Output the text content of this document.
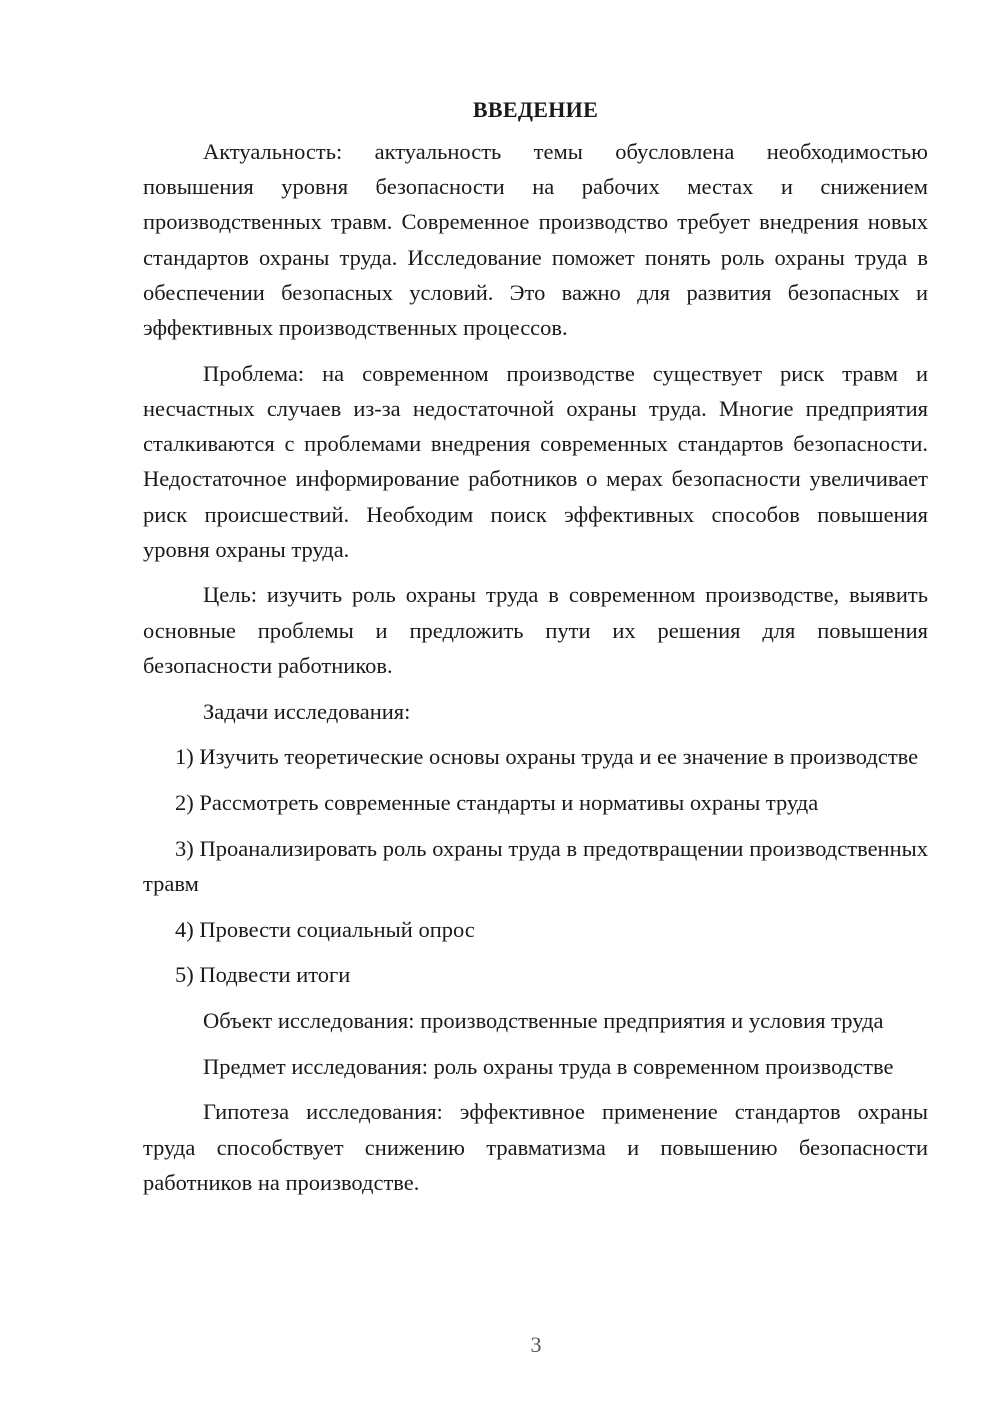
ВВЕДЕНИЕ

Актуальность: актуальность темы обусловлена необходимостью повышения уровня безопасности на рабочих местах и снижением производственных травм. Современное производство требует внедрения новых стандартов охраны труда. Исследование поможет понять роль охраны труда в обеспечении безопасных условий. Это важно для развития безопасных и эффективных производственных процессов.

Проблема: на современном производстве существует риск травм и несчастных случаев из-за недостаточной охраны труда. Многие предприятия сталкиваются с проблемами внедрения современных стандартов безопасности. Недостаточное информирование работников о мерах безопасности увеличивает риск происшествий. Необходим поиск эффективных способов повышения уровня охраны труда.

Цель: изучить роль охраны труда в современном производстве, выявить основные проблемы и предложить пути их решения для повышения безопасности работников.

Задачи исследования:

1) Изучить теоретические основы охраны труда и ее значение в производстве

2) Рассмотреть современные стандарты и нормативы охраны труда

3) Проанализировать роль охраны труда в предотвращении производственных травм

4) Провести социальный опрос

5) Подвести итоги

Объект исследования: производственные предприятия и условия труда

Предмет исследования: роль охраны труда в современном производстве

Гипотеза исследования: эффективное применение стандартов охраны труда способствует снижению травматизма и повышению безопасности работников на производстве.

3
